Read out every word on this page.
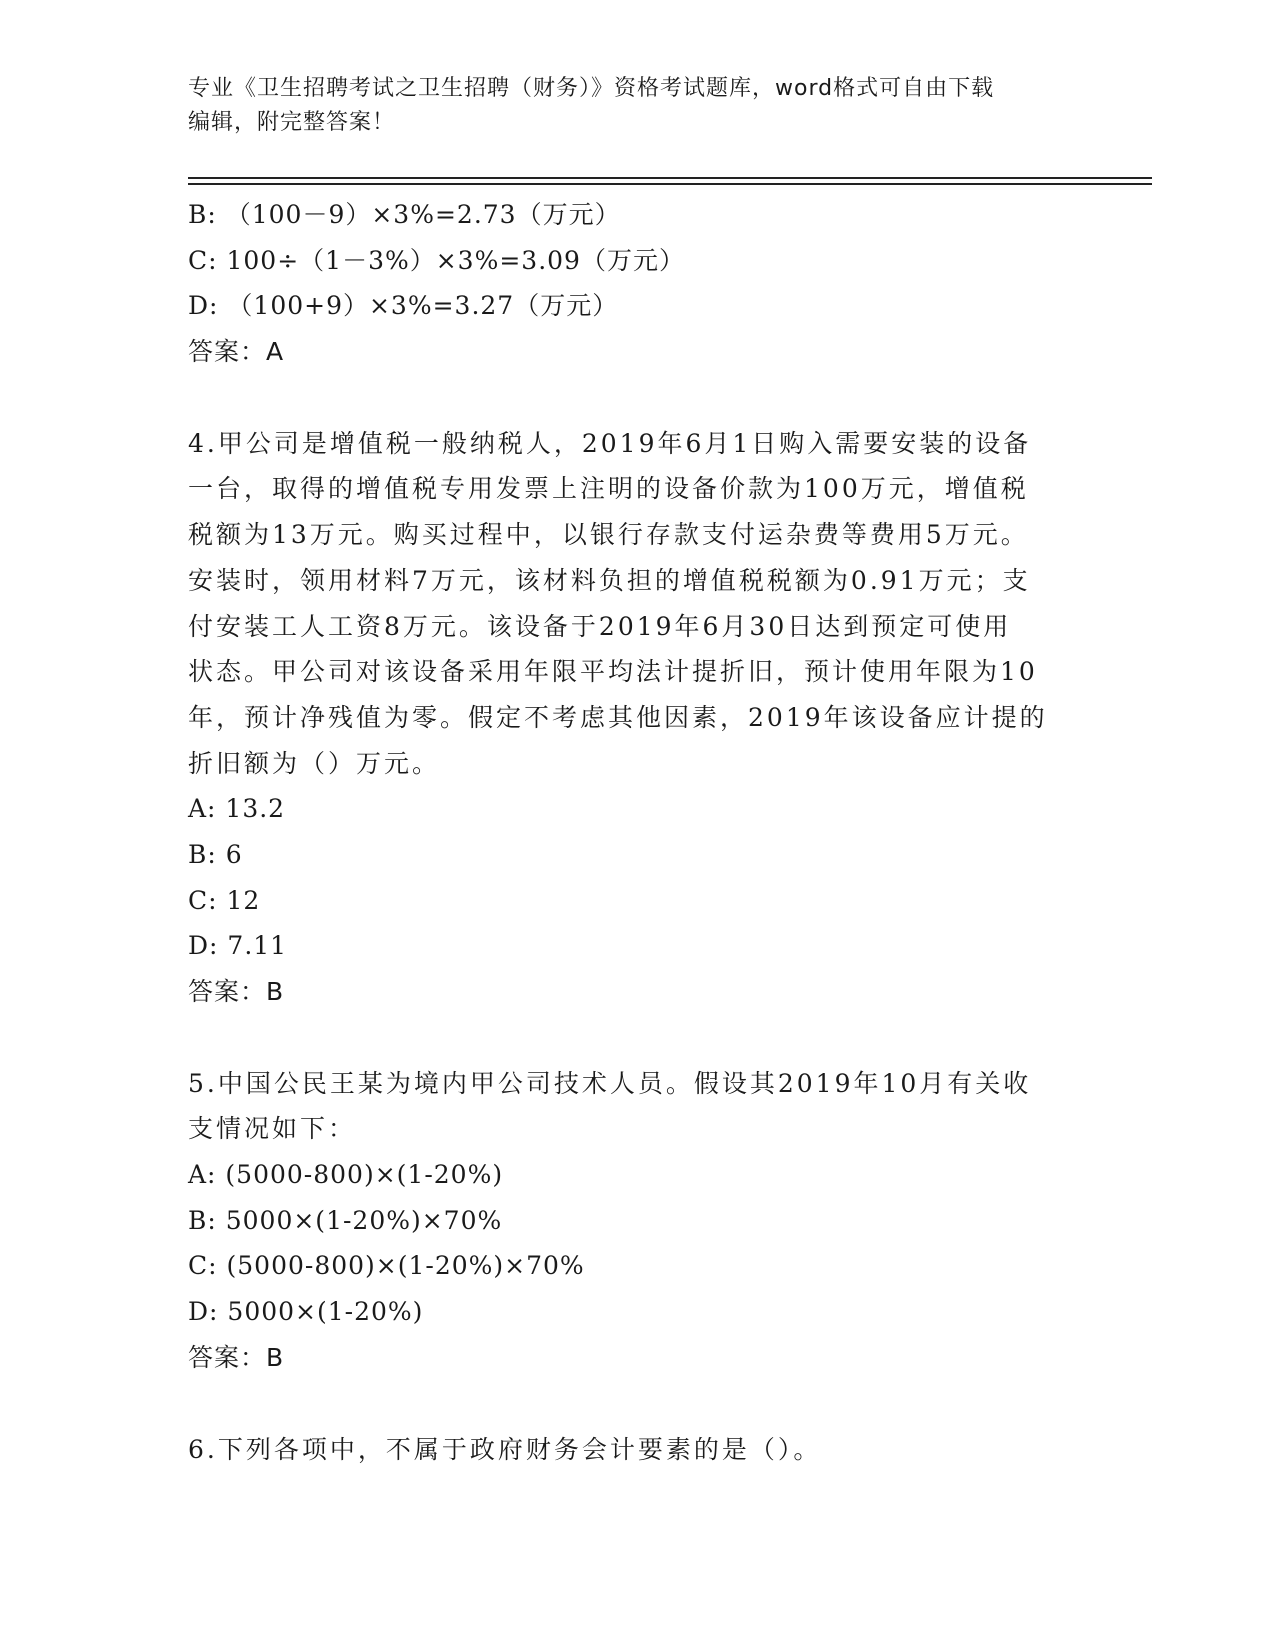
专业《卫生招聘考试之卫生招聘（财务）》资格考试题库，word格式可自由下载
编辑，附完整答案！
B: （100－9）×3%=2.73（万元）
C: 100÷（1－3%）×3%=3.09（万元）
D: （100+9）×3%=3.27（万元）
答案：A
4.甲公司是增值税一般纳税人，2019年6月1日购入需要安装的设备
一台，取得的增值税专用发票上注明的设备价款为100万元，增值税
税额为13万元。购买过程中，以银行存款支付运杂费等费用5万元。
安装时，领用材料7万元，该材料负担的增值税税额为0.91万元；支
付安装工人工资8万元。该设备于2019年6月30日达到预定可使用
状态。甲公司对该设备采用年限平均法计提折旧，预计使用年限为10
年，预计净残值为零。假定不考虑其他因素，2019年该设备应计提的
折旧额为（）万元。
A: 13.2
B: 6
C: 12
D: 7.11
答案：B
5.中国公民王某为境内甲公司技术人员。假设其2019年10月有关收
支情况如下：
A: (5000-800)×(1-20%)
B: 5000×(1-20%)×70%
C: (5000-800)×(1-20%)×70%
D: 5000×(1-20%)
答案：B
6.下列各项中，不属于政府财务会计要素的是（）。
